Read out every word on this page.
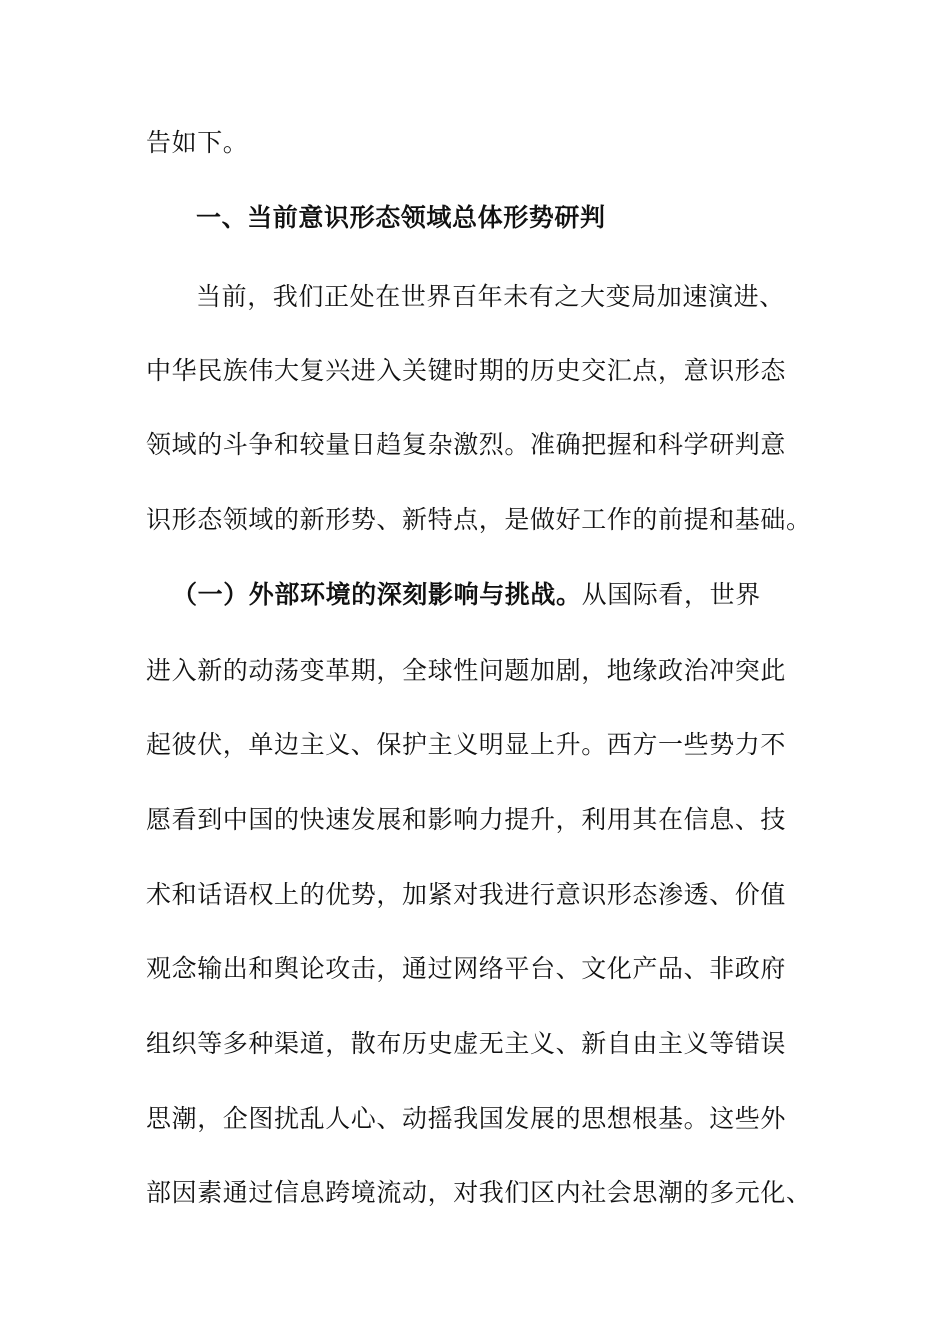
告如下。
一、当前意识形态领域总体形势研判
当前，我们正处在世界百年未有之大变局加速演进、
中华民族伟大复兴进入关键时期的历史交汇点，意识形态
领域的斗争和较量日趋复杂激烈。准确把握和科学研判意
识形态领域的新形势、新特点，是做好工作的前提和基础。
（一）外部环境的深刻影响与挑战。从国际看，世界
进入新的动荡变革期，全球性问题加剧，地缘政治冲突此
起彼伏，单边主义、保护主义明显上升。西方一些势力不
愿看到中国的快速发展和影响力提升，利用其在信息、技
术和话语权上的优势，加紧对我进行意识形态渗透、价值
观念输出和舆论攻击，通过网络平台、文化产品、非政府
组织等多种渠道，散布历史虚无主义、新自由主义等错误
思潮，企图扰乱人心、动摇我国发展的思想根基。这些外
部因素通过信息跨境流动，对我们区内社会思潮的多元化、
